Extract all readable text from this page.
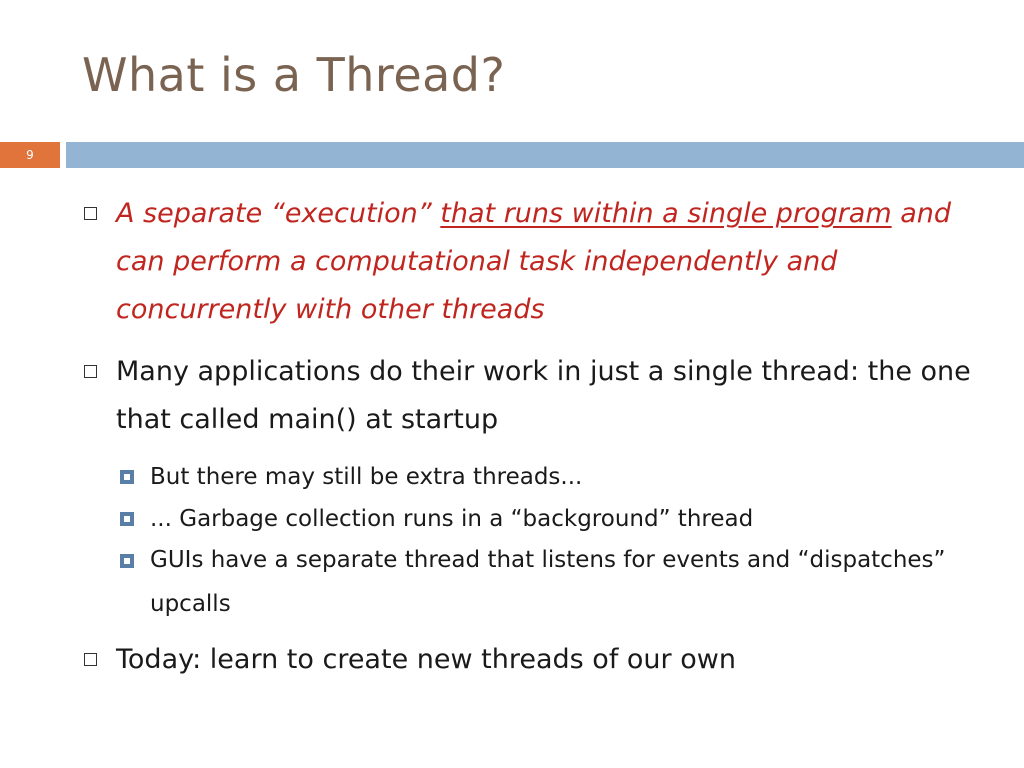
What is a Thread?
9
A separate “execution” that runs within a single program and can perform a computational task independently and concurrently with other threads
Many applications do their work in just a single thread: the one that called main() at startup
But there may still be extra threads...
... Garbage collection runs in a “background” thread
GUIs have a separate thread that listens for events and “dispatches” upcalls
Today: learn to create new threads of our own
